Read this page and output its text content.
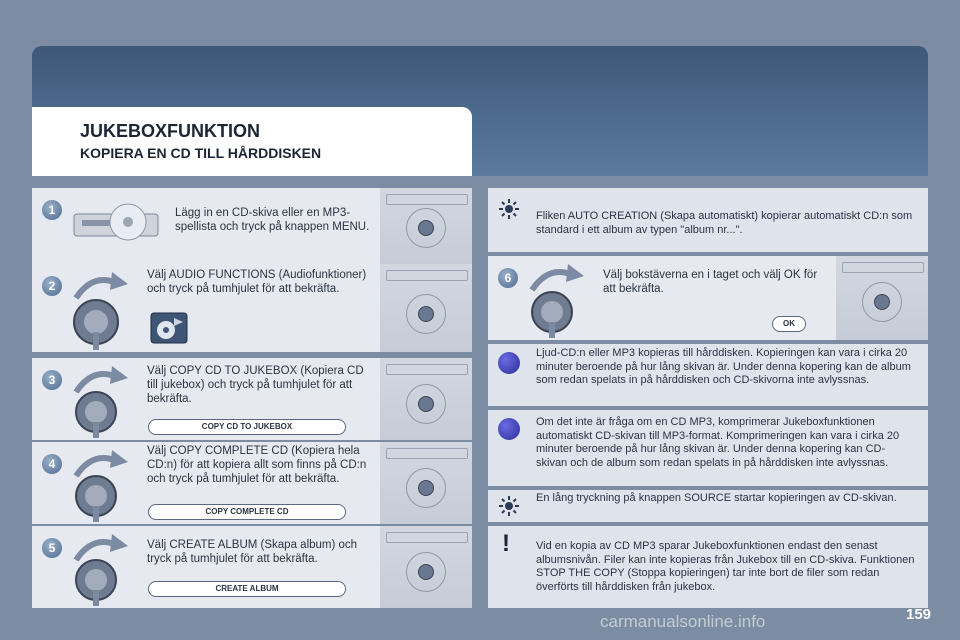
JUKEBOXFUNKTION
KOPIERA EN CD TILL HÅRDDISKEN
1	Lägg in en CD-skiva eller en MP3-spellista och tryck på knappen MENU.
2
Välj AUDIO FUNCTIONS (Audiofunktioner) och tryck på tumhjulet för att bekräfta.
3
Välj COPY CD TO JUKEBOX (Kopiera CD till jukebox) och tryck på tumhjulet för att bekräfta.
COPY CD TO JUKEBOX
4
Välj COPY COMPLETE CD (Kopiera hela CD:n) för att kopiera allt som finns på CD:n och tryck på tumhjulet för att bekräfta.
COPY COMPLETE CD
5	Välj CREATE ALBUM (Skapa album) och tryck på tumhjulet för att bekräfta.
CREATE ALBUM
Fliken AUTO CREATION (Skapa automatiskt) kopierar automatiskt CD:n som standard i ett album av typen "album nr...".
6	Välj bokstäverna en i taget och välj OK för att bekräfta.
OK
Ljud-CD:n eller MP3 kopieras till hårddisken. Kopieringen kan vara i cirka 20 minuter beroende på hur lång skivan är. Under denna kopering kan de album som redan spelats in på hårddisken och CD-skivorna inte avlyssnas.
Om det inte är fråga om en CD MP3, komprimerar Jukeboxfunktionen automatiskt CD-skivan till MP3-format. Komprimeringen kan vara i cirka 20 minuter beroende på hur lång skivan är. Under denna kopering kan CD-skivan och de album som redan spelats in på hårddisken inte avlyssnas.
En lång tryckning på knappen SOURCE startar kopieringen av CD-skivan.
!	Vid en kopia av CD MP3 sparar Jukeboxfunktionen endast den senast albumsnivån. Filer kan inte kopieras från Jukebox till en CD-skiva. Funktionen STOP THE COPY (Stoppa kopieringen) tar inte bort de filer som redan överförts till hårddisken från jukebox.
carmanualsonline.info	159
